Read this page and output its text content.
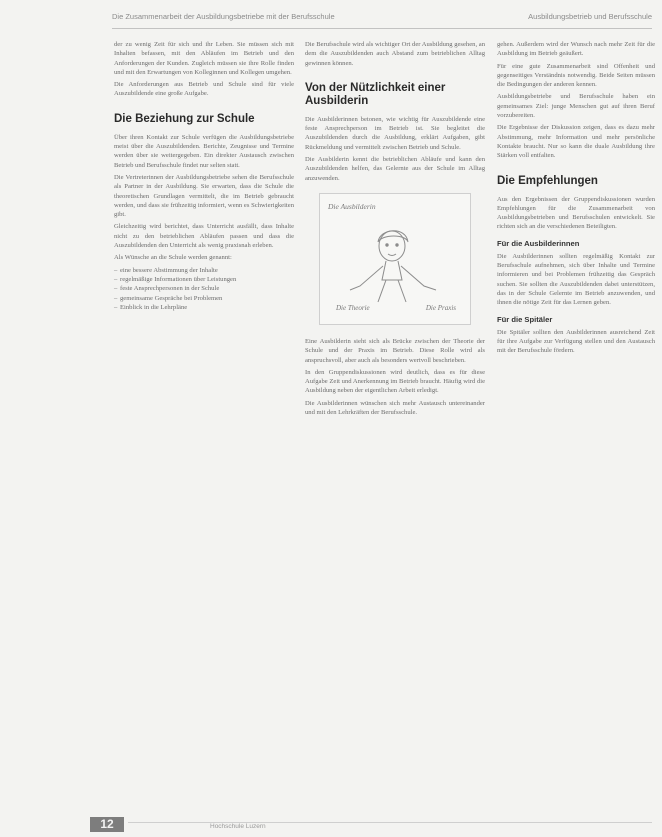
Die Zusammenarbeit der Ausbildungsbetriebe mit der Berufsschule	Ausbildungsbetrieb und Berufsschule

der zu wenig Zeit für sich und ihr Leben. Sie müssen sich mit Inhalten befassen, mit den Abläufen im Betrieb und den Anforderungen der Kunden. Zugleich müssen sie ihre Rolle finden und mit den Erwartungen von Kolleginnen und Kollegen umgehen.

Die Anforderungen aus Betrieb und Schule sind für viele Auszubildende eine große Aufgabe.

Die Beziehung zur Schule

Über ihren Kontakt zur Schule verfügen die Ausbildungsbetriebe meist über die Auszubildenden. Berichte, Zeugnisse und Termine werden über sie weitergegeben. Ein direkter Austausch zwischen Betrieb und Berufsschule findet nur selten statt.

Die Vertreterinnen der Ausbildungsbetriebe sehen die Berufsschule als Partner in der Ausbildung. Sie erwarten, dass die Schule die theoretischen Grundlagen vermittelt, die im Betrieb gebraucht werden, und dass sie frühzeitig informiert, wenn es Schwierigkeiten gibt.

Gleichzeitig wird berichtet, dass Unterricht ausfällt, dass Inhalte nicht zu den betrieblichen Abläufen passen und dass die Auszubildenden den Unterricht als wenig praxisnah erleben.

Als Wünsche an die Schule werden genannt:

– eine bessere Abstimmung der Inhalte
– regelmäßige Informationen über Leistungen
– feste Ansprechpersonen in der Schule
– gemeinsame Gespräche bei Problemen
– Einblick in die Lehrpläne

Die Berufsschule wird als wichtiger Ort der Ausbildung gesehen, an dem die Auszubildenden auch Abstand zum betrieblichen Alltag gewinnen können.

Von der Nützlichkeit einer Ausbilderin

Die Ausbilderinnen betonen, wie wichtig für Auszubildende eine feste Ansprechperson im Betrieb ist. Sie begleitet die Auszubildenden durch die Ausbildung, erklärt Aufgaben, gibt Rückmeldung und vermittelt zwischen Betrieb und Schule.

Die Ausbilderin kennt die betrieblichen Abläufe und kann den Auszubildenden helfen, das Gelernte aus der Schule im Alltag anzuwenden.

Die Ausbilderin
Die Theorie	Die Praxis

Eine Ausbilderin sieht sich als Brücke zwischen der Theorie der Schule und der Praxis im Betrieb. Diese Rolle wird als anspruchsvoll, aber auch als besonders wertvoll beschrieben.

In den Gruppendiskussionen wird deutlich, dass es für diese Aufgabe Zeit und Anerkennung im Betrieb braucht. Häufig wird die Ausbildung neben der eigentlichen Arbeit erledigt.

Die Ausbilderinnen wünschen sich mehr Austausch untereinander und mit den Lehrkräften der Berufsschule.

gehen. Außerdem wird der Wunsch nach mehr Zeit für die Ausbildung im Betrieb geäußert.

Für eine gute Zusammenarbeit sind Offenheit und gegenseitiges Verständnis notwendig. Beide Seiten müssen die Bedingungen der anderen kennen.

Ausbildungsbetriebe und Berufsschule haben ein gemeinsames Ziel: junge Menschen gut auf ihren Beruf vorzubereiten.

Die Ergebnisse der Diskussion zeigen, dass es dazu mehr Abstimmung, mehr Information und mehr persönliche Kontakte braucht. Nur so kann die duale Ausbildung ihre Stärken voll entfalten.

Die Empfehlungen

Aus den Ergebnissen der Gruppendiskussionen wurden Empfehlungen für die Zusammenarbeit von Ausbildungsbetrieben und Berufsschulen entwickelt. Sie richten sich an die verschiedenen Beteiligten.

Für die Ausbilderinnen

Die Ausbilderinnen sollten regelmäßig Kontakt zur Berufsschule aufnehmen, sich über Inhalte und Termine informieren und bei Problemen frühzeitig das Gespräch suchen. Sie sollten die Auszubildenden dabei unterstützen, das in der Schule Gelernte im Betrieb anzuwenden, und ihnen die nötige Zeit für das Lernen geben.

Für die Spitäler

Die Spitäler sollten den Ausbilderinnen ausreichend Zeit für ihre Aufgabe zur Verfügung stellen und den Austausch mit der Berufsschule fördern.

12	Hochschule Luzern
